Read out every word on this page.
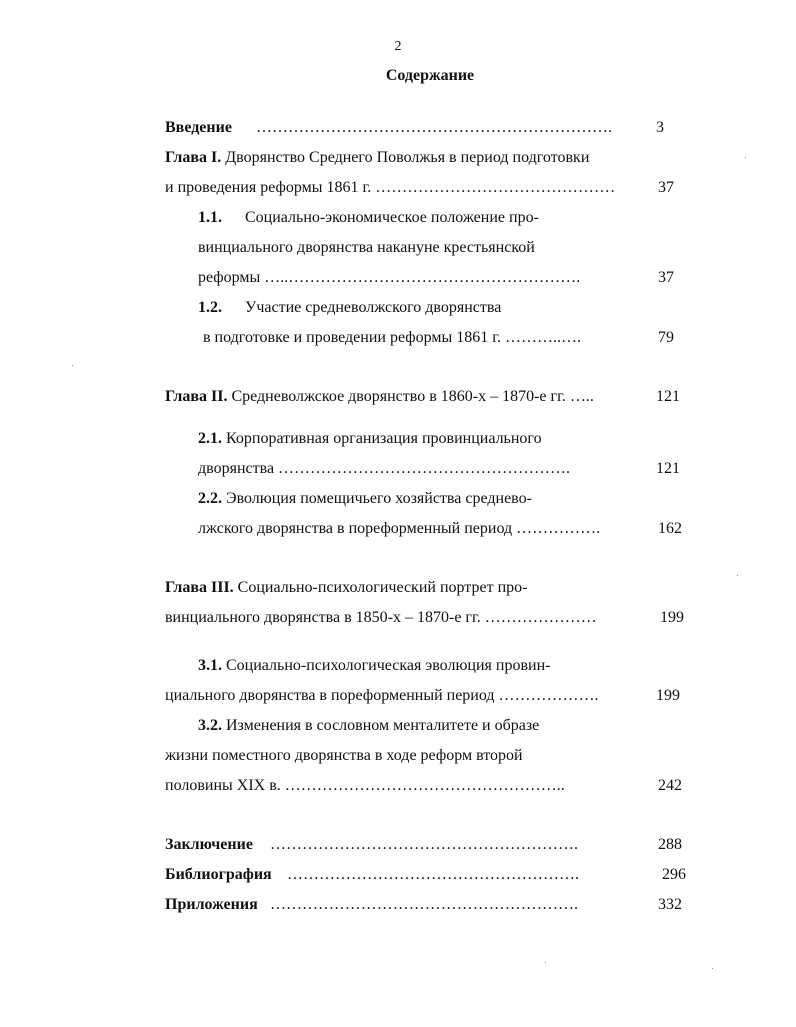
2
Содержание
Введение ………………………………………………………….	3
Глава I. Дворянство Среднего Поволжья в период подготовки
и проведения реформы 1861 г. ………………………………………	37
1.1. Социально-экономическое положение про-
винциального дворянства накануне крестьянской
реформы …..……………………………………………….	37
1.2. Участие средневолжского дворянства
в подготовке и проведении реформы 1861 г. ………..….	79
Глава II. Средневолжское дворянство в 1860-х – 1870-е гг. …..	121
2.1. Корпоративная организация провинциального
дворянства ……………………………………………….	121
2.2. Эволюция помещичьего хозяйства среднево-
лжского дворянства в пореформенный период …………….	162
Глава III. Социально-психологический портрет про-
винциального дворянства в 1850-х – 1870-е гг. …………………	199
3.1. Социально-психологическая эволюция провин-
циального дворянства в пореформенный период ……………….	199
3.2. Изменения в сословном менталитете и образе
жизни поместного дворянства в ходе реформ второй
половины XIX в. ……………………………………………..	242
Заключение ………………………………………………….	288
Библиография ……………………………………………….	296
Приложения ………………………………………………….	332
